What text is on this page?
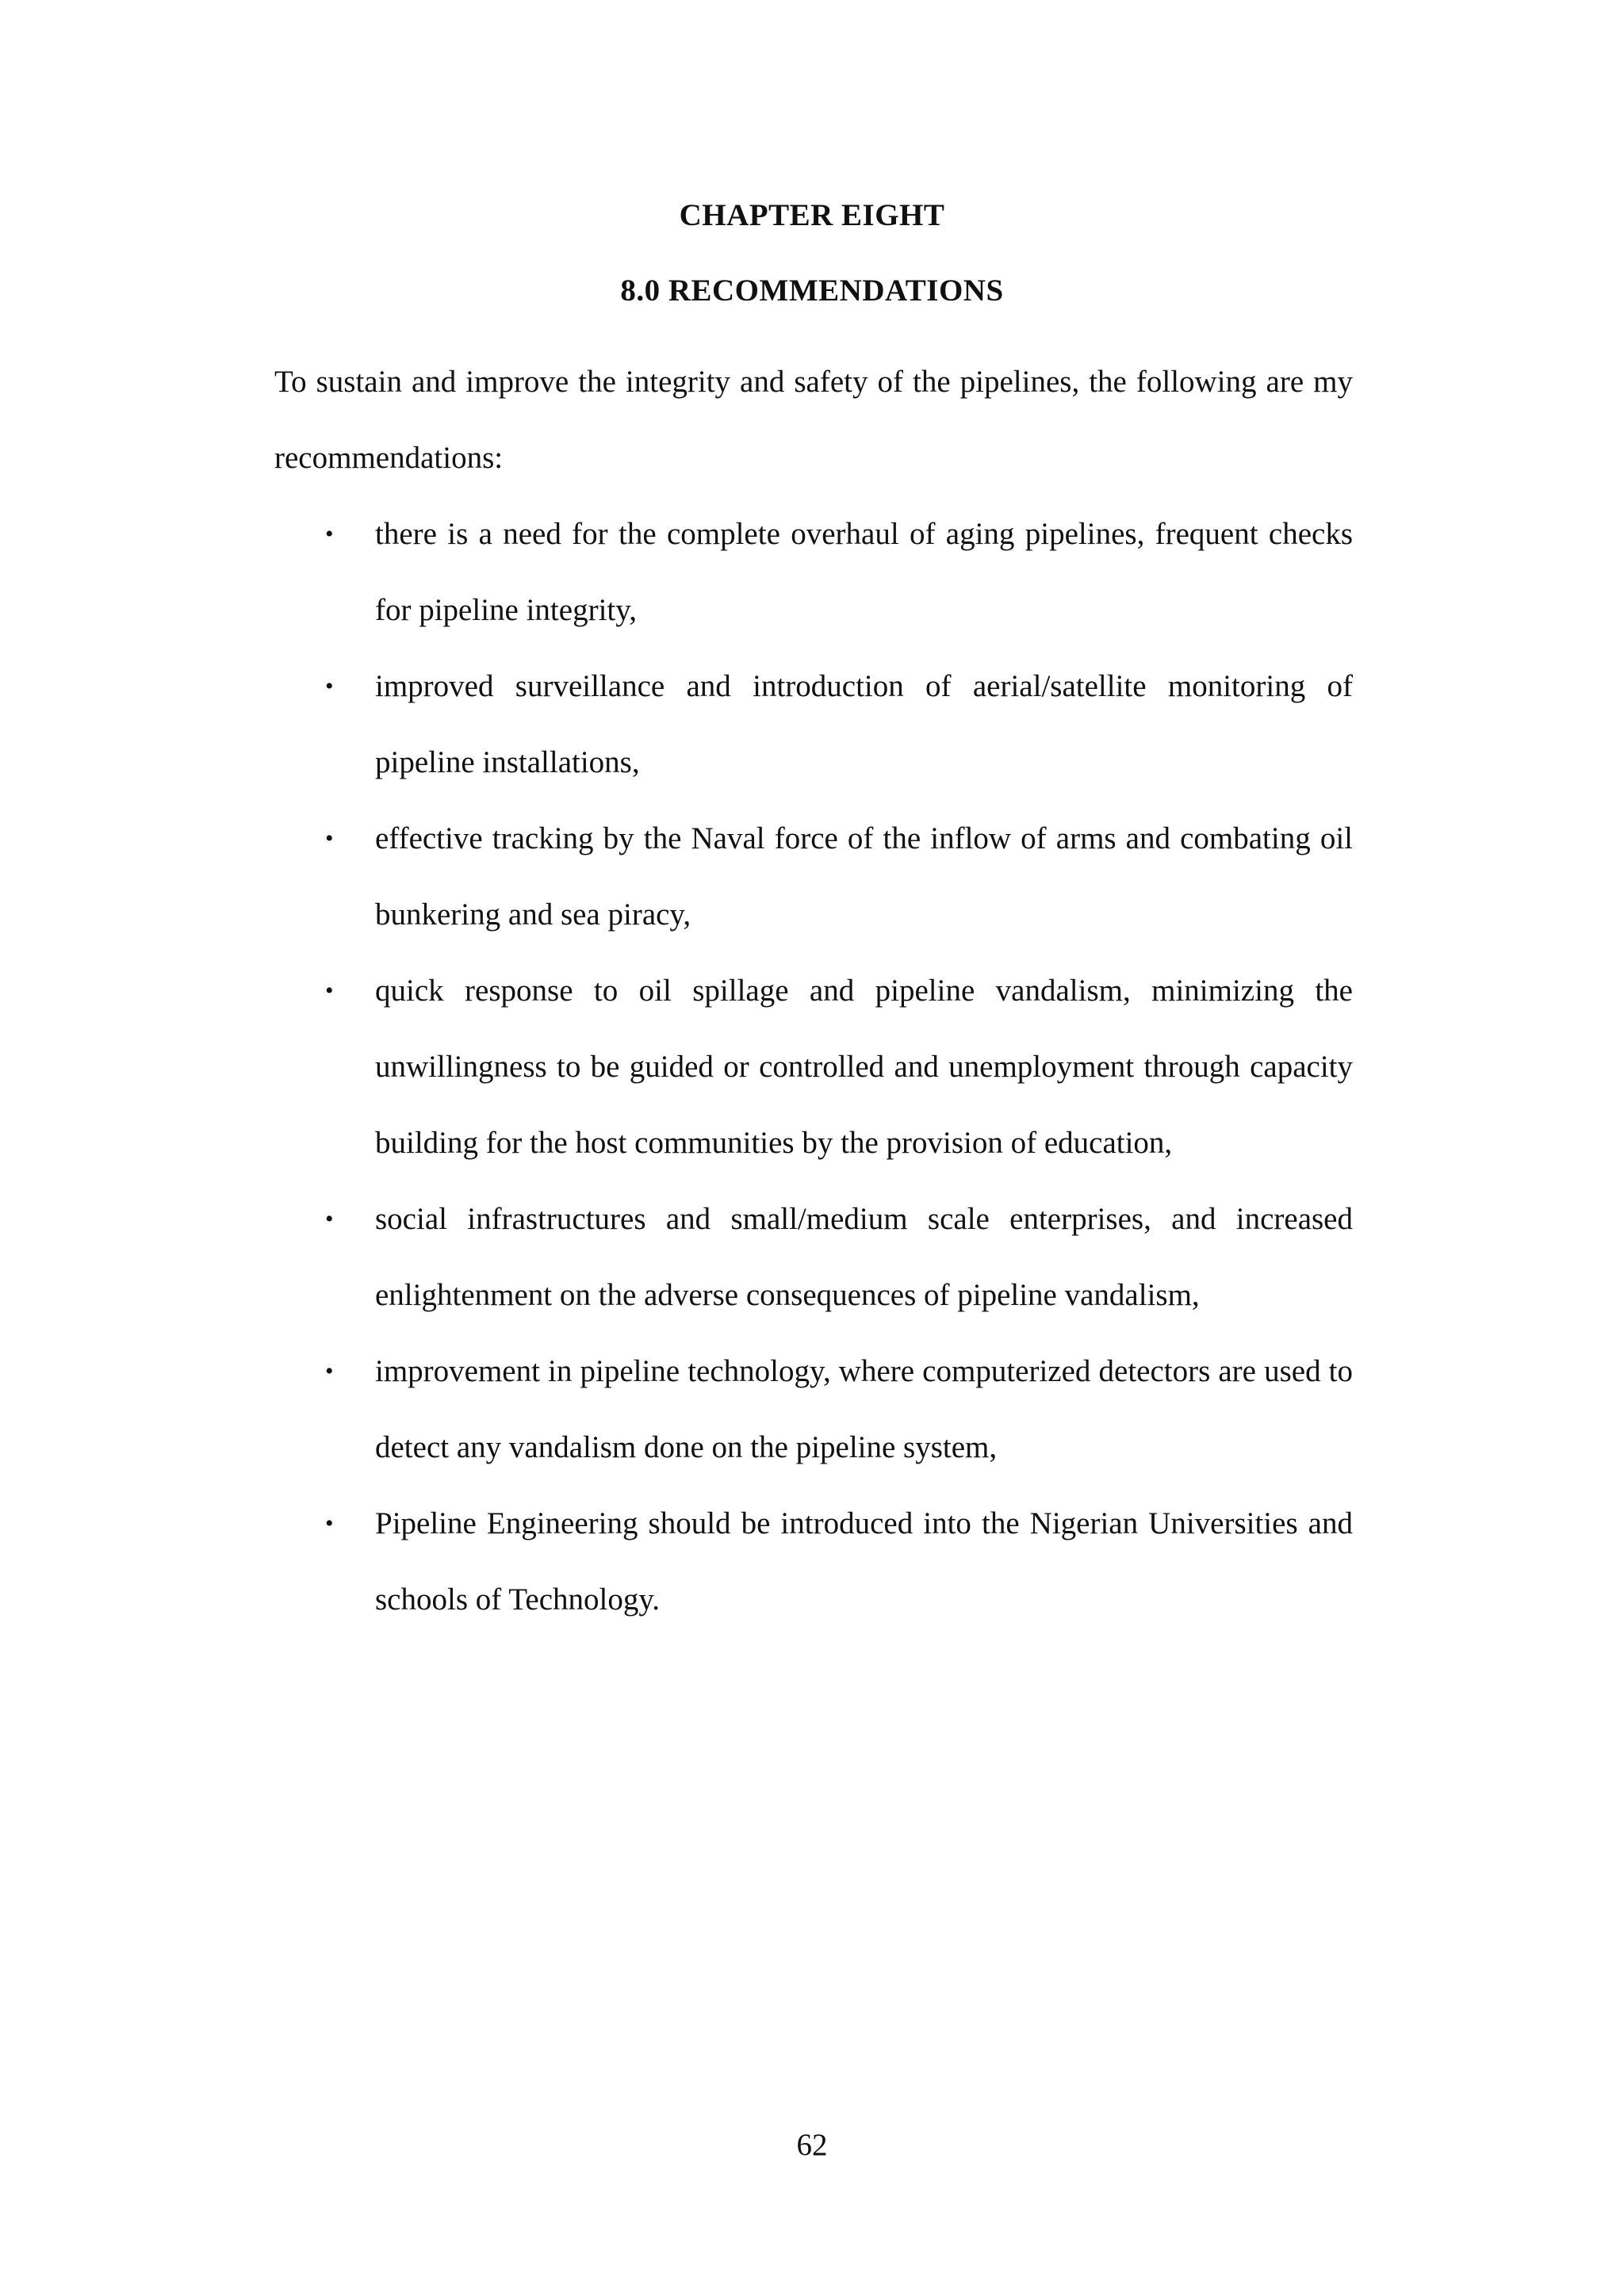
CHAPTER EIGHT
8.0 RECOMMENDATIONS

To sustain and improve the integrity and safety of the pipelines, the following are my recommendations:

•	there is a need for the complete overhaul of aging pipelines, frequent checks for pipeline integrity,
•	improved surveillance and introduction of aerial/satellite monitoring of pipeline installations,
•	effective tracking by the Naval force of the inflow of arms and combating oil bunkering and sea piracy,
•	quick response to oil spillage and pipeline vandalism, minimizing the unwillingness to be guided or controlled and unemployment through capacity building for the host communities by the provision of education,
•	social infrastructures and small/medium scale enterprises, and increased enlightenment on the adverse consequences of pipeline vandalism,
•	improvement in pipeline technology, where computerized detectors are used to detect any vandalism done on the pipeline system,
•	Pipeline Engineering should be introduced into the Nigerian Universities and schools of Technology.
62
